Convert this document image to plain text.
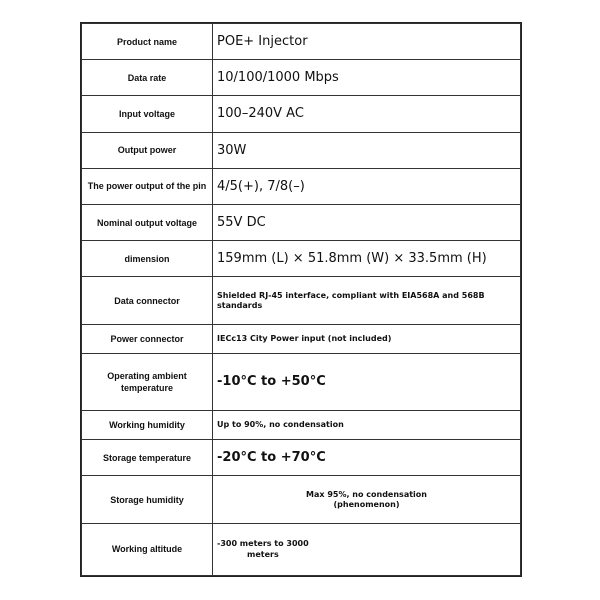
Product name	POE+ Injector
Data rate	10/100/1000 Mbps
Input voltage	100–240V AC
Output power	30W
The power output of the pin	4/5(+), 7/8(–)
Nominal output voltage	55V DC
dimension	159mm (L) × 51.8mm (W) × 33.5mm (H)
Data connector	Shielded RJ-45 interface, compliant with EIA568A and 568B standards
Power connector	IECc13 City Power input (not included)
Operating ambient temperature	-10°C to +50°C
Working humidity	Up to 90%, no condensation
Storage temperature	-20°C to +70°C
Storage humidity	Max 95%, no condensation
(phenomenon)

Working altitude	-300 meters to 3000
meters
